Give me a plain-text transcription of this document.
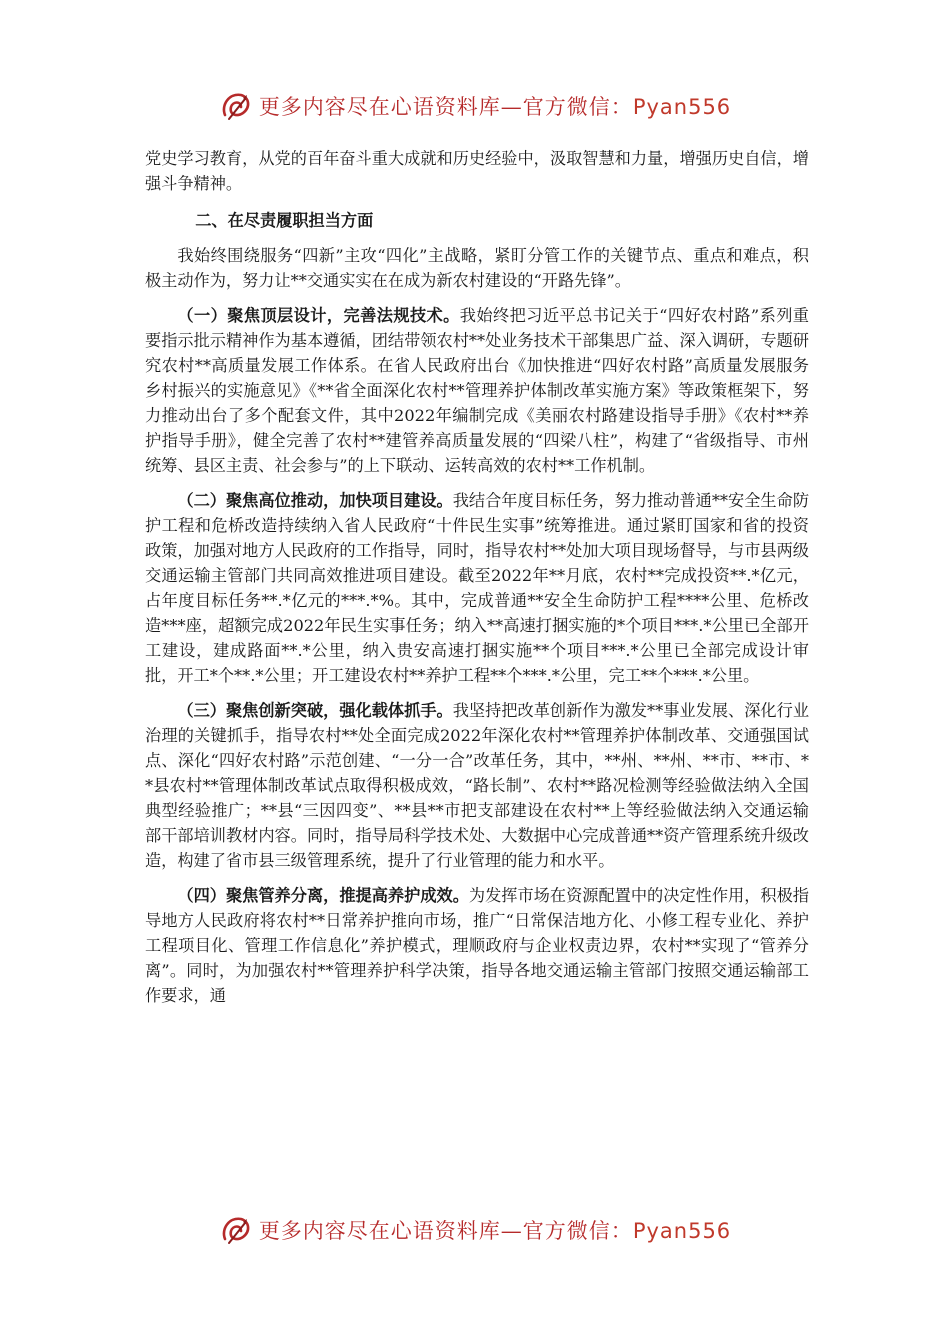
更多内容尽在心语资料库—官方微信：Pyan556

党史学习教育，从党的百年奋斗重大成就和历史经验中，汲取智慧和力量，增强历史自信，增强斗争精神。

二、在尽责履职担当方面

我始终围绕服务“四新”主攻“四化”主战略，紧盯分管工作的关键节点、重点和难点，积极主动作为，努力让**交通实实在在成为新农村建设的“开路先锋”。

（一）聚焦顶层设计，完善法规技术。我始终把习近平总书记关于“四好农村路”系列重要指示批示精神作为基本遵循，团结带领农村**处业务技术干部集思广益、深入调研，专题研究农村**高质量发展工作体系。在省人民政府出台《加快推进“四好农村路”高质量发展服务乡村振兴的实施意见》《**省全面深化农村**管理养护体制改革实施方案》等政策框架下，努力推动出台了多个配套文件，其中2022年编制完成《美丽农村路建设指导手册》《农村**养护指导手册》，健全完善了农村**建管养高质量发展的“四梁八柱”，构建了“省级指导、市州统筹、县区主责、社会参与”的上下联动、运转高效的农村**工作机制。

（二）聚焦高位推动，加快项目建设。我结合年度目标任务，努力推动普通**安全生命防护工程和危桥改造持续纳入省人民政府“十件民生实事”统筹推进。通过紧盯国家和省的投资政策，加强对地方人民政府的工作指导，同时，指导农村**处加大项目现场督导，与市县两级交通运输主管部门共同高效推进项目建设。截至2022年**月底，农村**完成投资**.*亿元，占年度目标任务**.*亿元的***.*%。其中，完成普通**安全生命防护工程****公里、危桥改造***座，超额完成2022年民生实事任务；纳入**高速打捆实施的*个项目***.*公里已全部开工建设，建成路面**.*公里，纳入贵安高速打捆实施**个项目***.*公里已全部完成设计审批，开工*个**.*公里；开工建设农村**养护工程**个***.*公里，完工**个***.*公里。

（三）聚焦创新突破，强化载体抓手。我坚持把改革创新作为激发**事业发展、深化行业治理的关键抓手，指导农村**处全面完成2022年深化农村**管理养护体制改革、交通强国试点、深化“四好农村路”示范创建、“一分一合”改革任务，其中，**州、**州、**市、**市、**县农村**管理体制改革试点取得积极成效，“路长制”、农村**路况检测等经验做法纳入全国典型经验推广；**县“三因四变”、**县**市把支部建设在农村**上等经验做法纳入交通运输部干部培训教材内容。同时，指导局科学技术处、大数据中心完成普通**资产管理系统升级改造，构建了省市县三级管理系统，提升了行业管理的能力和水平。

（四）聚焦管养分离，推提高养护成效。为发挥市场在资源配置中的决定性作用，积极指导地方人民政府将农村**日常养护推向市场，推广“日常保洁地方化、小修工程专业化、养护工程项目化、管理工作信息化”养护模式，理顺政府与企业权责边界，农村**实现了“管养分离”。同时，为加强农村**管理养护科学决策，指导各地交通运输主管部门按照交通运输部工作要求，通

更多内容尽在心语资料库—官方微信：Pyan556
